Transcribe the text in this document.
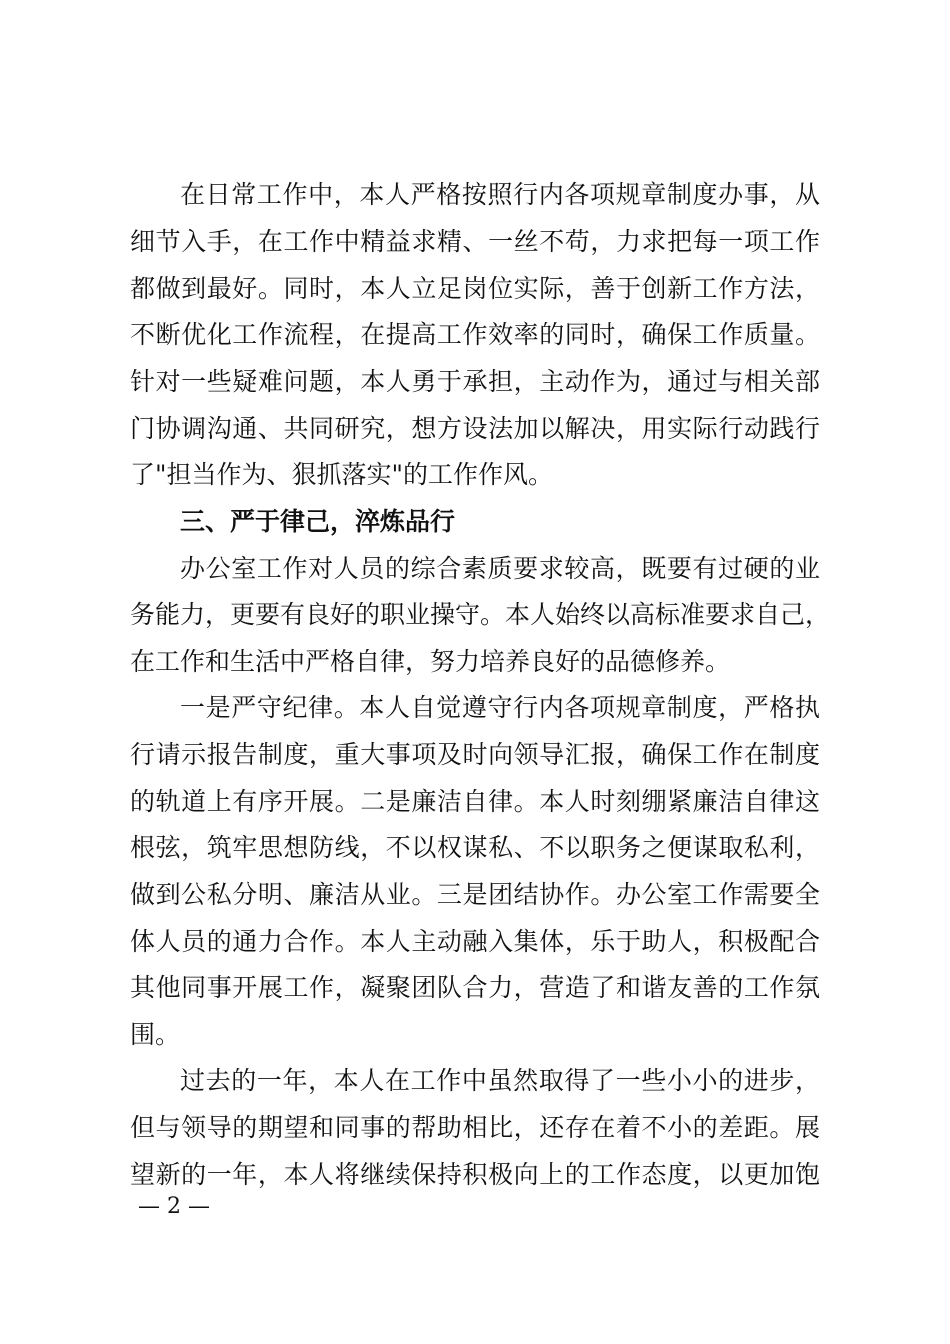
在日常工作中，本人严格按照行内各项规章制度办事，从
细节入手，在工作中精益求精、一丝不苟，力求把每一项工作
都做到最好。同时，本人立足岗位实际，善于创新工作方法，
不断优化工作流程，在提高工作效率的同时，确保工作质量。
针对一些疑难问题，本人勇于承担，主动作为，通过与相关部
门协调沟通、共同研究，想方设法加以解决，用实际行动践行
了"担当作为、狠抓落实"的工作作风。
三、严于律己，淬炼品行
办公室工作对人员的综合素质要求较高，既要有过硬的业
务能力，更要有良好的职业操守。本人始终以高标准要求自己，
在工作和生活中严格自律，努力培养良好的品德修养。
一是严守纪律。本人自觉遵守行内各项规章制度，严格执
行请示报告制度，重大事项及时向领导汇报，确保工作在制度
的轨道上有序开展。二是廉洁自律。本人时刻绷紧廉洁自律这
根弦，筑牢思想防线，不以权谋私、不以职务之便谋取私利，
做到公私分明、廉洁从业。三是团结协作。办公室工作需要全
体人员的通力合作。本人主动融入集体，乐于助人，积极配合
其他同事开展工作，凝聚团队合力，营造了和谐友善的工作氛
围。
过去的一年，本人在工作中虽然取得了一些小小的进步，
但与领导的期望和同事的帮助相比，还存在着不小的差距。展
望新的一年，本人将继续保持积极向上的工作态度，以更加饱
— 2 —
